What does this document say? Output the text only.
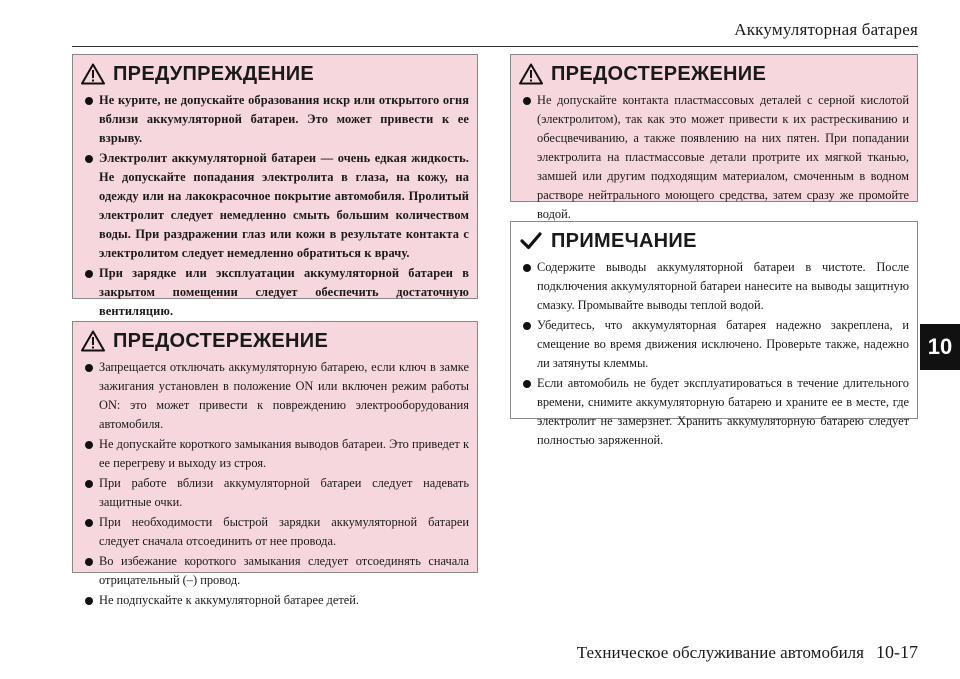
Аккумуляторная батарея
10
ПРЕДУПРЕЖДЕНИЕ
Не курите, не допускайте образования искр или открытого огня вблизи аккумуляторной батареи. Это может привести к ее взрыву.
Электролит аккумуляторной батареи — очень едкая жидкость. Не допускайте попадания электролита в глаза, на кожу, на одежду или на лакокрасочное покрытие автомобиля. Пролитый электролит следует немедленно смыть большим количеством воды. При раздражении глаз или кожи в результате контакта с электролитом следует немедленно обратиться к врачу.
При зарядке или эксплуатации аккумуляторной батареи в закрытом помещении следует обеспечить достаточную вентиляцию.
ПРЕДОСТЕРЕЖЕНИЕ
Запрещается отключать аккумуляторную батарею, если ключ в замке зажигания установлен в положение ON или включен режим работы ON: это может привести к повреждению электрооборудования автомобиля.
Не допускайте короткого замыкания выводов батареи. Это приведет к ее перегреву и выходу из строя.
При работе вблизи аккумуляторной батареи следует надевать защитные очки.
При необходимости быстрой зарядки аккумуляторной батареи следует сначала отсоединить от нее провода.
Во избежание короткого замыкания следует отсоединять сначала отрицательный (–) провод.
Не подпускайте к аккумуляторной батарее детей.
ПРЕДОСТЕРЕЖЕНИЕ
Не допускайте контакта пластмассовых деталей с серной кислотой (электролитом), так как это может привести к их растрескиванию и обесцвечиванию, а также появлению на них пятен. При попадании электролита на пластмассовые детали протрите их мягкой тканью, замшей или другим подходящим материалом, смоченным в водном растворе нейтрального моющего средства, затем сразу же промойте водой.
ПРИМЕЧАНИЕ
Содержите выводы аккумуляторной батареи в чистоте. После подключения аккумуляторной батареи нанесите на выводы защитную смазку. Промывайте выводы теплой водой.
Убедитесь, что аккумуляторная батарея надежно закреплена, и смещение во время движения исключено. Проверьте также, надежно ли затянуты клеммы.
Если автомобиль не будет эксплуатироваться в течение длительного времени, снимите аккумуляторную батарею и храните ее в месте, где электролит не замерзнет. Хранить аккумуляторную батарею следует полностью заряженной.
Техническое обслуживание автомобиля 10-17
